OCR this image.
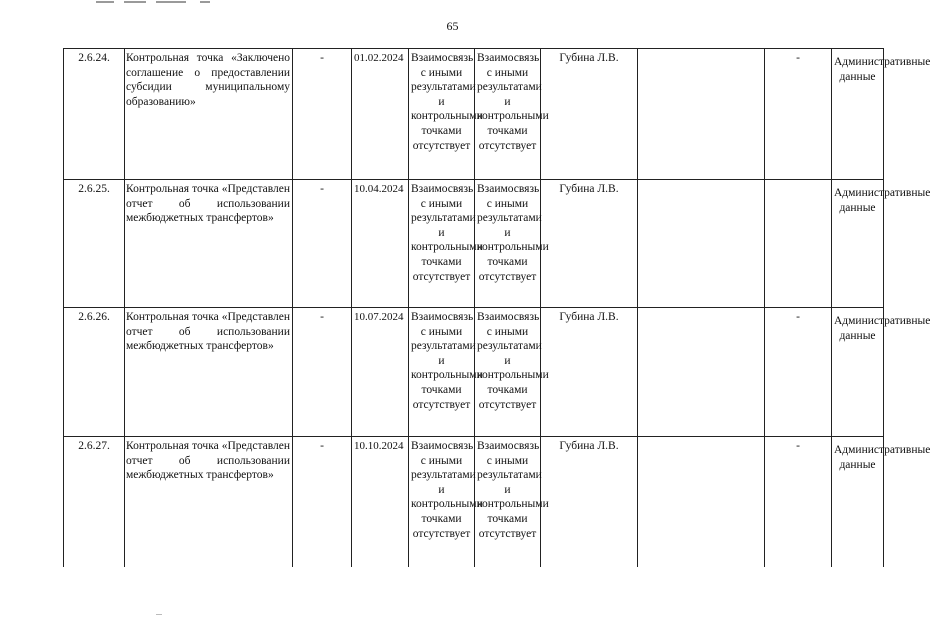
65
2.6.24.	Контрольная точка «Заключено соглашение о предоставлении субсидии муниципальному образованию»	-	01.02.2024	Взаимосвязь с иными результатами и контрольными точками отсутствует	Взаимосвязь с иными результатами и контрольными точками отсутствует	Губина Л.В.		-	Административные данные
2.6.25.	Контрольная точка «Представлен отчет об использовании межбюджетных трансфертов»	-	10.04.2024	Взаимосвязь с иными результатами и контрольными точками отсутствует	Взаимосвязь с иными результатами и контрольными точками отсутствует	Губина Л.В.			Административные данные
2.6.26.	Контрольная точка «Представлен отчет об использовании межбюджетных трансфертов»	-	10.07.2024	Взаимосвязь с иными результатами и контрольными точками отсутствует	Взаимосвязь с иными результатами и контрольными точками отсутствует	Губина Л.В.		-	Административные данные
2.6.27.	Контрольная точка «Представлен отчет об использовании межбюджетных трансфертов»	-	10.10.2024	Взаимосвязь с иными результатами и контрольными точками отсутствует	Взаимосвязь с иными результатами и контрольными точками отсутствует	Губина Л.В.		-	Административные данные
